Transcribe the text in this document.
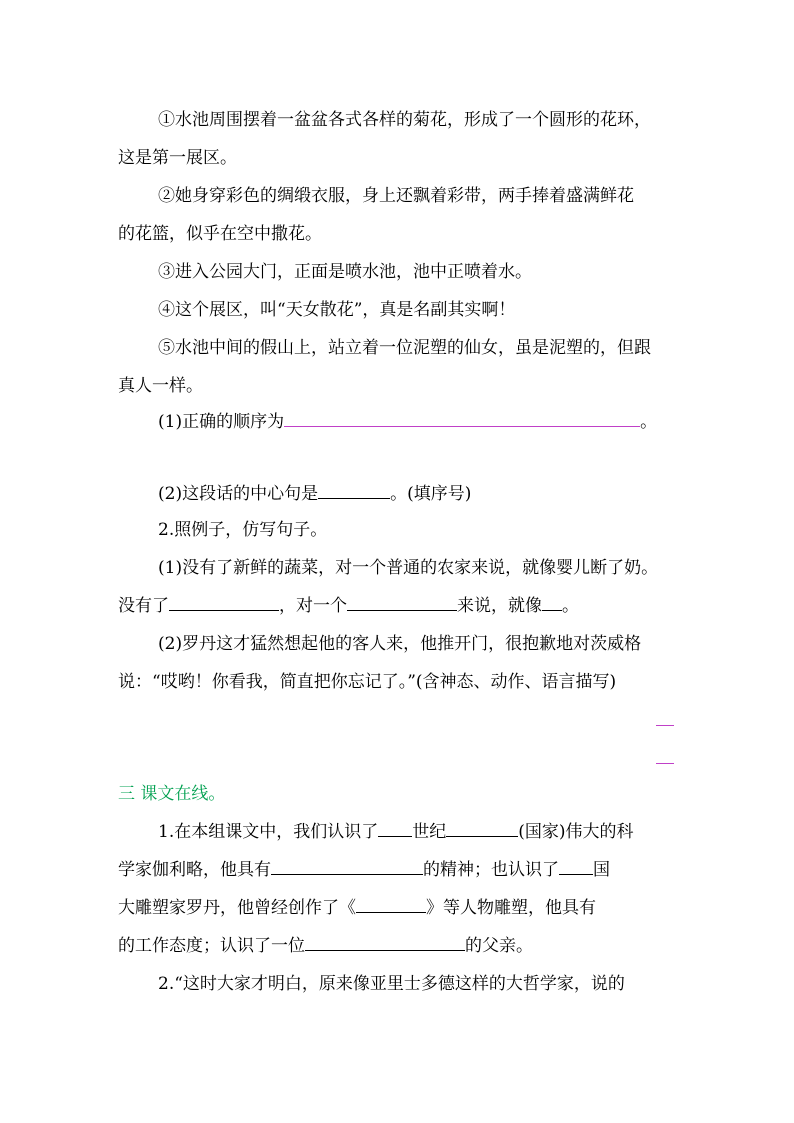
①水池周围摆着一盆盆各式各样的菊花，形成了一个圆形的花环，
这是第一展区。
②她身穿彩色的绸缎衣服，身上还飘着彩带，两手捧着盛满鲜花
的花篮，似乎在空中撒花。
③进入公园大门，正面是喷水池，池中正喷着水。
④这个展区，叫“天女散花”，真是名副其实啊！
⑤水池中间的假山上，站立着一位泥塑的仙女，虽是泥塑的，但跟
真人一样。
(1)正确的顺序为	。
(2)这段话的中心句是	。(填序号)
2.照例子，仿写句子。
(1)没有了新鲜的蔬菜，对一个普通的农家来说，就像婴儿断了奶。
没有了	，对一个	来说，就像 。
(2)罗丹这才猛然想起他的客人来，他推开门，很抱歉地对茨威格
说：“哎哟！你看我，简直把你忘记了。”(含神态、动作、语言描写)
三 课文在线。
1.在本组课文中，我们认识了 世纪	(国家)伟大的科
学家伽利略，他具有	的精神；也认识了 国
大雕塑家罗丹，他曾经创作了《	》等人物雕塑，他具有
的工作态度；认识了一位	的父亲。
2.“这时大家才明白，原来像亚里士多德这样的大哲学家，说的
